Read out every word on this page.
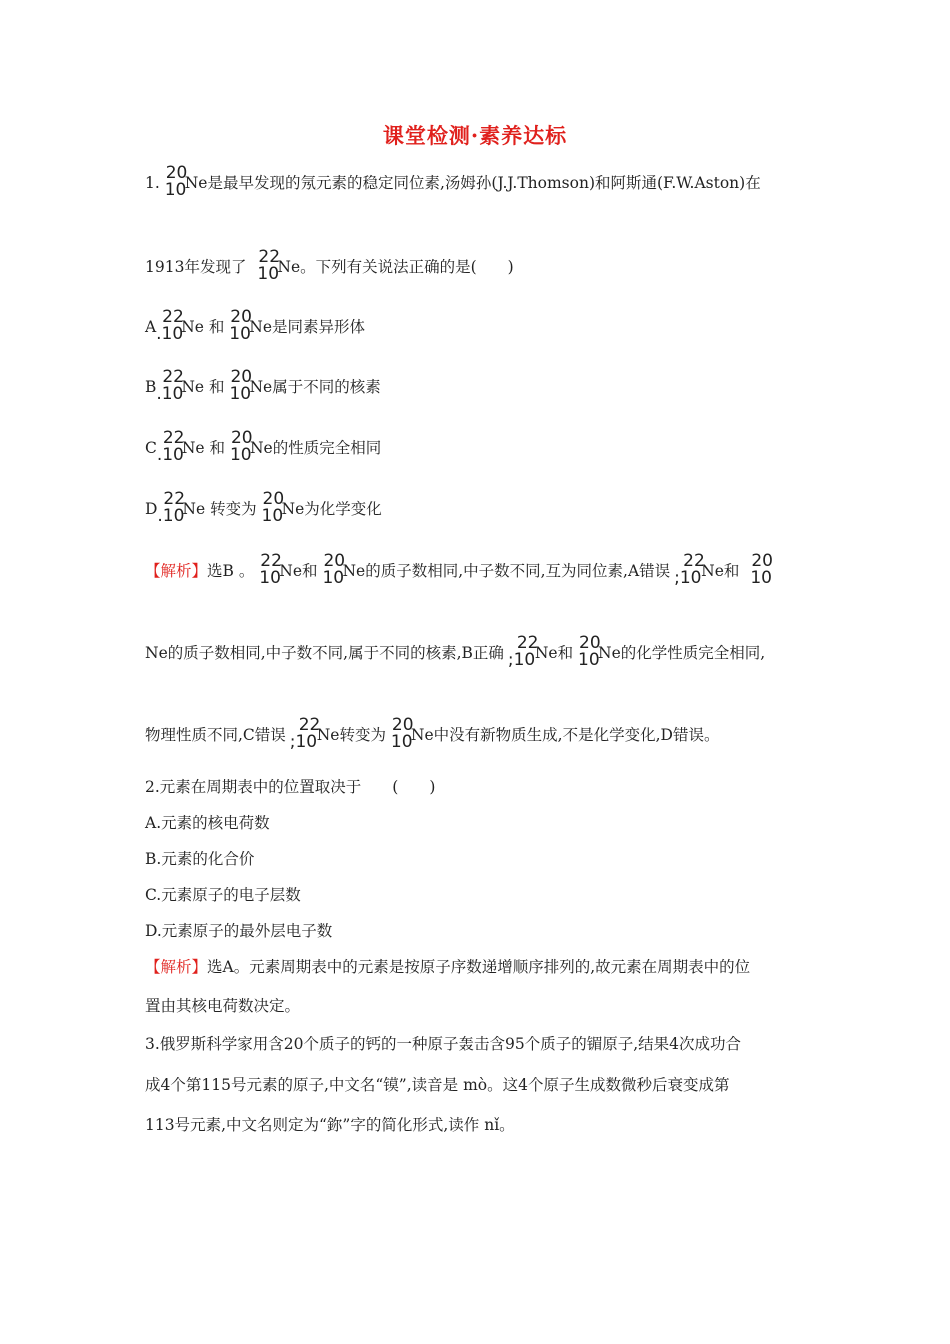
课堂检测·素养达标
1. 20
10
Ne是最早发现的氖元素的稳定同位素,汤姆孙(J.J.Thomson)和阿斯通(F.W.Aston)在
1913年发现了 22
10
Ne。下列有关说法正确的是(　　)
A 22
.10
Ne 和 20
10
Ne是同素异形体
B 22
.10
Ne 和 20
10
Ne属于不同的核素
C 22
.10
Ne 和 20
10
Ne的性质完全相同
D 22
.10
Ne 转变为 20
10
Ne为化学变化
【解析】选B 。 22
10
Ne和 20
10
Ne的质子数相同,中子数不同,互为同位素,A错误 22
;10 Ne和 20
10
Ne的质子数相同,中子数不同,属于不同的核素,B正确 22
;10 Ne和 20
10
Ne的化学性质完全相同,
物理性质不同,C错误 22
;10 Ne转变为 20
10
Ne中没有新物质生成,不是化学变化,D错误。
2.元素在周期表中的位置取决于　　(　　)
A.元素的核电荷数
B.元素的化合价
C.元素原子的电子层数
D.元素原子的最外层电子数
【解析】选A。元素周期表中的元素是按原子序数递增顺序排列的,故元素在周期表中的位
置由其核电荷数决定。
3.俄罗斯科学家用含20个质子的钙的一种原子轰击含95个质子的镅原子,结果4次成功合
成4个第115号元素的原子,中文名“镆”,读音是 mò。这4个原子生成数微秒后衰变成第
113号元素,中文名则定为“鉨”字的简化形式,读作 nǐ。
